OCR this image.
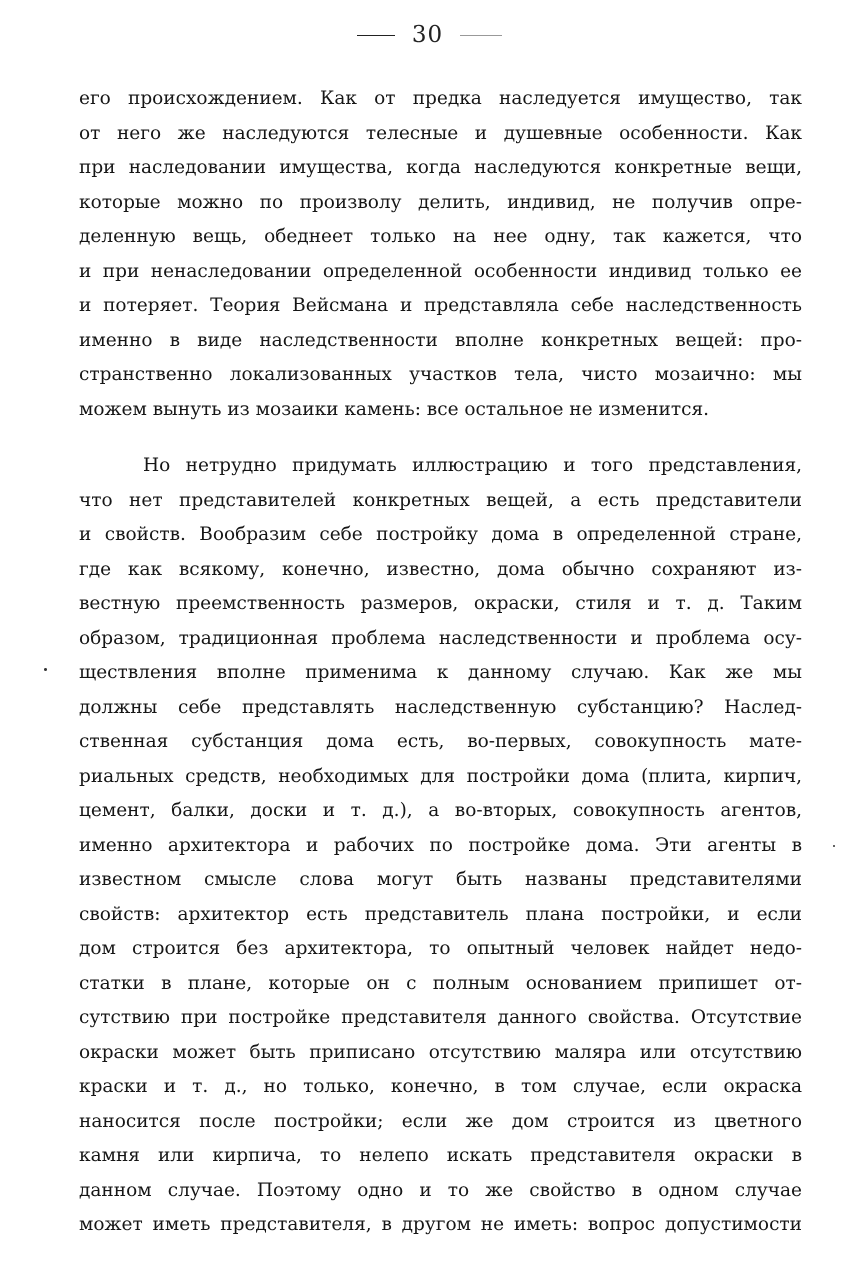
30
его происхождением. Как от предка наследуется имущество, так
от него же наследуются телесные и душевные особенности. Как
при наследовании имущества, когда наследуются конкретные вещи,
которые можно по произволу делить, индивид, не получив опре-
деленную вещь, обеднеет только на нее одну, так кажется, что
и при ненаследовании определенной особенности индивид только ее
и потеряет. Теория Вейсмана и представляла себе наследственность
именно в виде наследственности вполне конкретных вещей: про-
странственно локализованных участков тела, чисто мозаично: мы
можем вынуть из мозаики камень: все остальное не изменится.
Но нетрудно придумать иллюстрацию и того представления,
что нет представителей конкретных вещей, а есть представители
и свойств. Вообразим себе постройку дома в определенной стране,
где как всякому, конечно, известно, дома обычно сохраняют из-
вестную преемственность размеров, окраски, стиля и т. д. Таким
образом, традиционная проблема наследственности и проблема осу-
ществления вполне применима к данному случаю. Как же мы
должны себе представлять наследственную субстанцию? Наслед-
ственная субстанция дома есть, во-первых, совокупность мате-
риальных средств, необходимых для постройки дома (плита, кирпич,
цемент, балки, доски и т. д.), а во-вторых, совокупность агентов,
именно архитектора и рабочих по постройке дома. Эти агенты в
известном смысле слова могут быть названы представителями
свойств: архитектор есть представитель плана постройки, и если
дом строится без архитектора, то опытный человек найдет недо-
статки в плане, которые он с полным основанием припишет от-
сутствию при постройке представителя данного свойства. Отсутствие
окраски может быть приписано отсутствию маляра или отсутствию
краски и т. д., но только, конечно, в том случае, если окраска
наносится после постройки; если же дом строится из цветного
камня или кирпича, то нелепо искать представителя окраски в
данном случае. Поэтому одно и то же свойство в одном случае
может иметь представителя, в другом не иметь: вопрос допустимости
